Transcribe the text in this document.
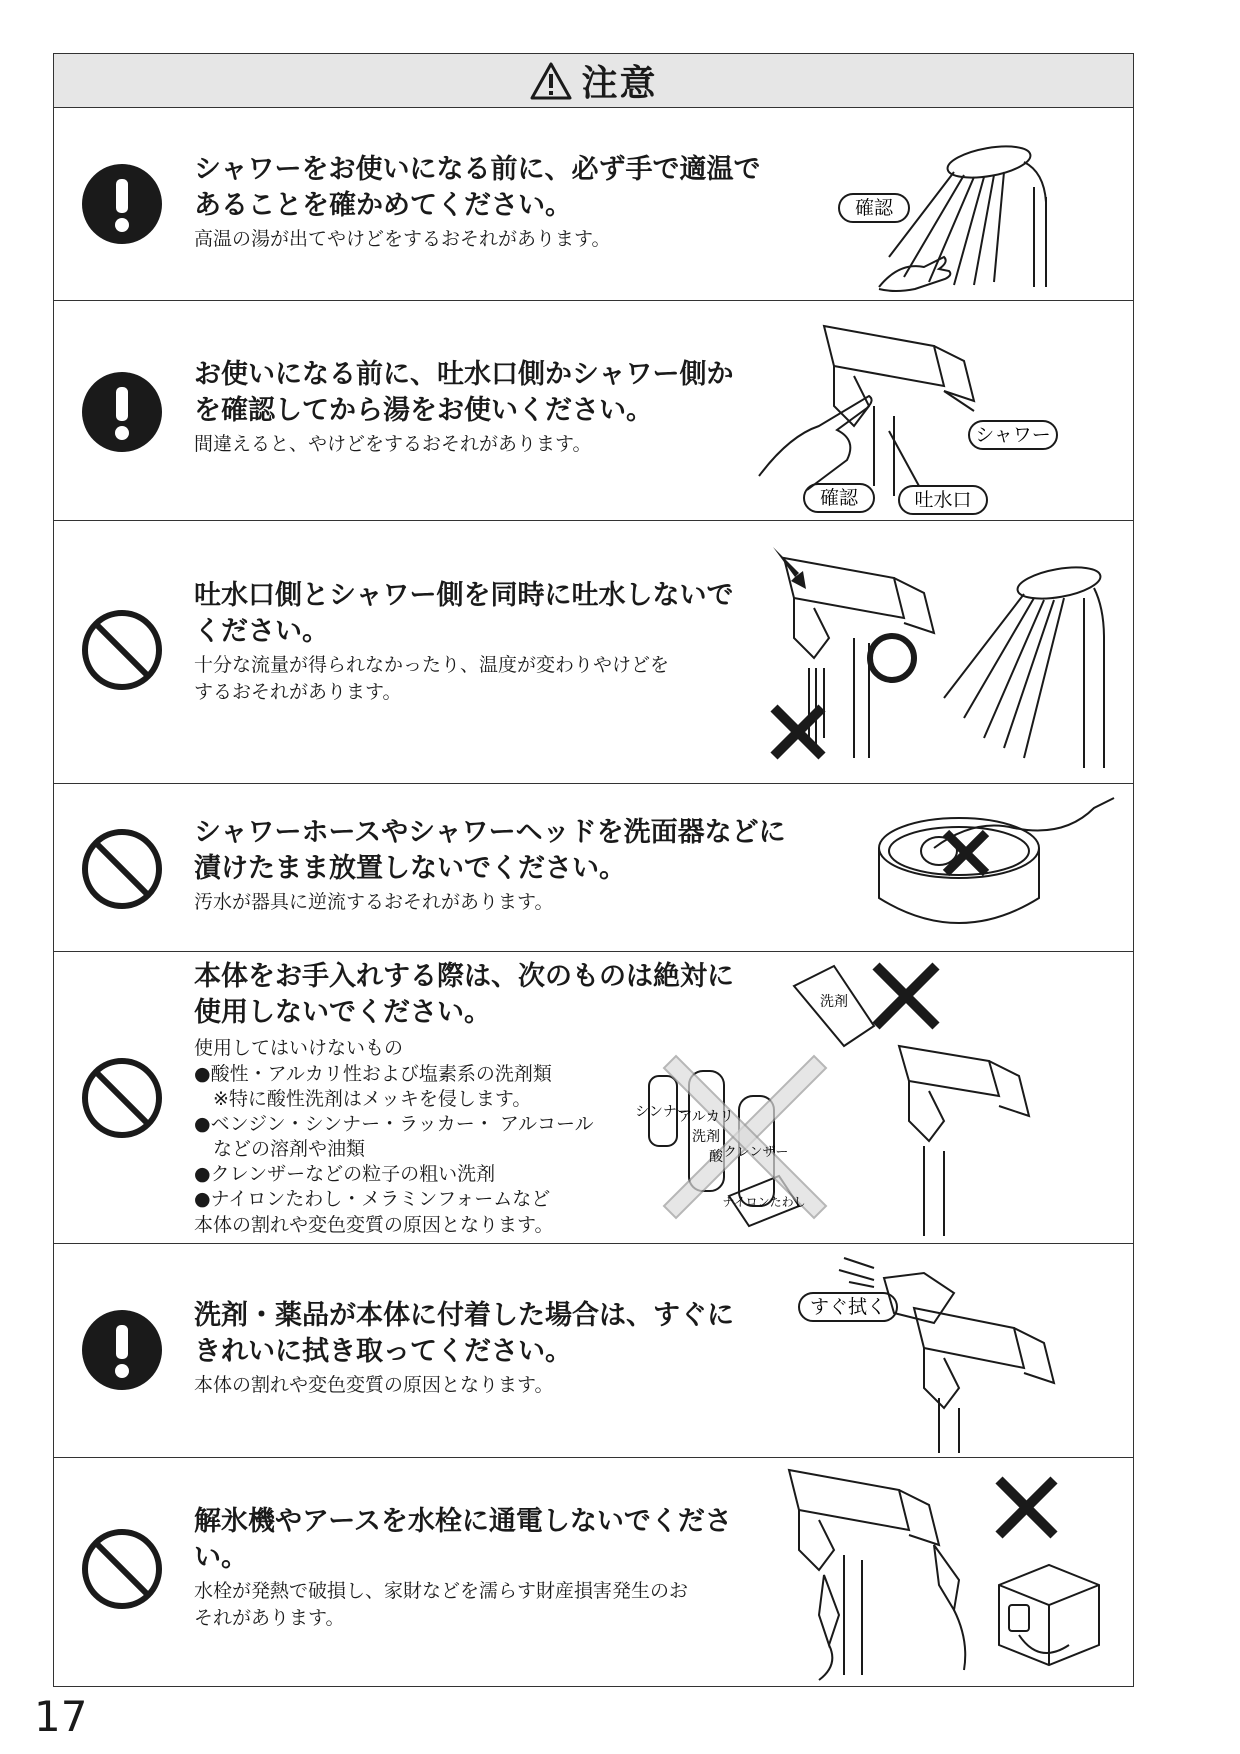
注意

シャワーをお使いになる前に、必ず手で適温で
あることを確かめてください。

高温の湯が出てやけどをするおそれがあります。

確認

お使いになる前に、吐水口側かシャワー側か
を確認してから湯をお使いください。

間違えると、やけどをするおそれがあります。	シャワー
確認	吐水口

吐水口側とシャワー側を同時に吐水しないで
ください。

十分な流量が得られなかったり、温度が変わりやけどを
するおそれがあります。

シャワーホースやシャワーヘッドを洗面器などに
漬けたまま放置しないでください。

汚水が器具に逆流するおそれがあります。

本体をお手入れする際は、次のものは絶対に
使用しないでください。

使用してはいけないもの

●酸性・アルカリ性および塩素系の洗剤類
　※特に酸性洗剤はメッキを侵します。
●ベンジン・シンナー・ラッカー・ アルコール
　などの溶剤や油類
●クレンザーなどの粒子の粗い洗剤
●ナイロンたわし・メラミンフォームなど

本体の割れや変色変質の原因となります。

シンナー
アルカリ
洗剤
酸 クレンザー
ナイロンたわし
洗剤

洗剤・薬品が本体に付着した場合は、すぐに
きれいに拭き取ってください。

本体の割れや変色変質の原因となります。

すぐ拭く

解氷機やアースを水栓に通電しないでくださ
い。

水栓が発熱で破損し、家財などを濡らす財産損害発生のお
それがあります。

17
